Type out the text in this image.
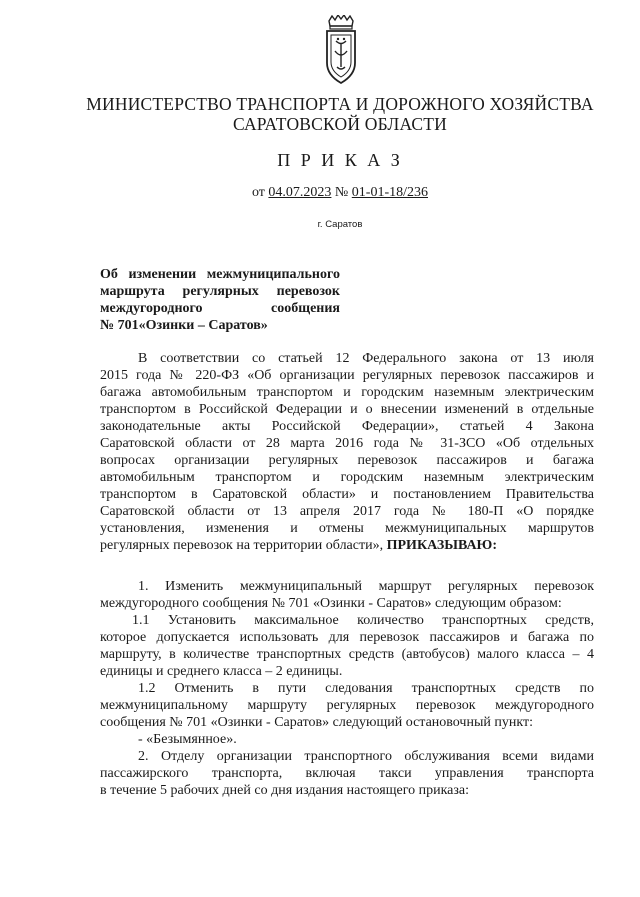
МИНИСТЕРСТВО ТРАНСПОРТА И ДОРОЖНОГО ХОЗЯЙСТВА
САРАТОВСКОЙ ОБЛАСТИ
П Р И К А З
от 04.07.2023 № 01-01-18/236
г. Саратов
Об изменении межмуниципального
маршрута регулярных перевозок
междугородного сообщения
№ 701«Озинки – Саратов»
В соответствии со статьей 12 Федерального закона от 13 июля
2015 года № 220-ФЗ «Об организации регулярных перевозок пассажиров и
багажа автомобильным транспортом и городским наземным электрическим
транспортом в Российской Федерации и о внесении изменений в отдельные
законодательные акты Российской Федерации», статьей 4 Закона
Саратовской области от 28 марта 2016 года № 31-ЗСО «Об отдельных
вопросах организации регулярных перевозок пассажиров и багажа
автомобильным транспортом и городским наземным электрическим
транспортом в Саратовской области» и постановлением Правительства
Саратовской области от 13 апреля 2017 года № 180-П «О порядке
установления, изменения и отмены межмуниципальных маршрутов
регулярных перевозок на территории области», ПРИКАЗЫВАЮ:
1. Изменить межмуниципальный маршрут регулярных перевозок
междугородного сообщения № 701 «Озинки - Саратов» следующим образом:
1.1 Установить максимальное количество транспортных средств,
которое допускается использовать для перевозок пассажиров и багажа по
маршруту, в количестве транспортных средств (автобусов) малого класса – 4
единицы и среднего класса – 2 единицы.
1.2 Отменить в пути следования транспортных средств по
межмуниципальному маршруту регулярных перевозок междугородного
сообщения № 701 «Озинки - Саратов» следующий остановочный пункт:
- «Безымянное».
2. Отделу организации транспортного обслуживания всеми видами
пассажирского транспорта, включая такси управления транспорта
в течение 5 рабочих дней со дня издания настоящего приказа:
